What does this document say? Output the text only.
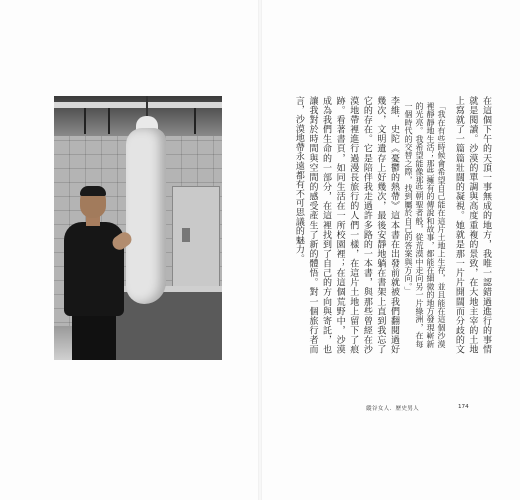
在這個下午的天頂一事無成的地方，我唯一認錯過進行的事情就是閱讀。沙漠的單調與高度重複的景致，在大地主宰的土地上寫就了一篇篇壯闊的凝視。她就是那一片片開闊而分歧的文
「我在有些時候會希望自己能在這片土地上生存，並且能在這個沙漠裡靜靜地生活；那些擁有的傳說和故事，都能在細微的地方發現嶄新的光亮。我希望能像那些朝聖者般，從荒漠中走向另一片綠洲，在每一個時代的交替之際，找到屬於自己的答案與方向。」
李維．史陀《憂鬱的熱帶》這本書在出發前就被我們翻閱過好幾次，文明遺存上好幾次，最後安靜地躺在書架上直到我忘了它的存在。它是陪伴我走過許多路的一本書，與那些曾經在沙漠地帶裡進行過漫長旅行的人們一樣，在這片土地上留下了痕跡。看著書頁，如同生活在一所校園裡；在這個荒野中，沙漠成為我們生命的一部分，在這裡找到了自己的方向與寄託，也讓我對於時間與空間的感受產生了新的體悟。對一個旅行者而言，沙漠地帶永遠都有不可思議的魅力。
縱谷女人．歷史男人	174
